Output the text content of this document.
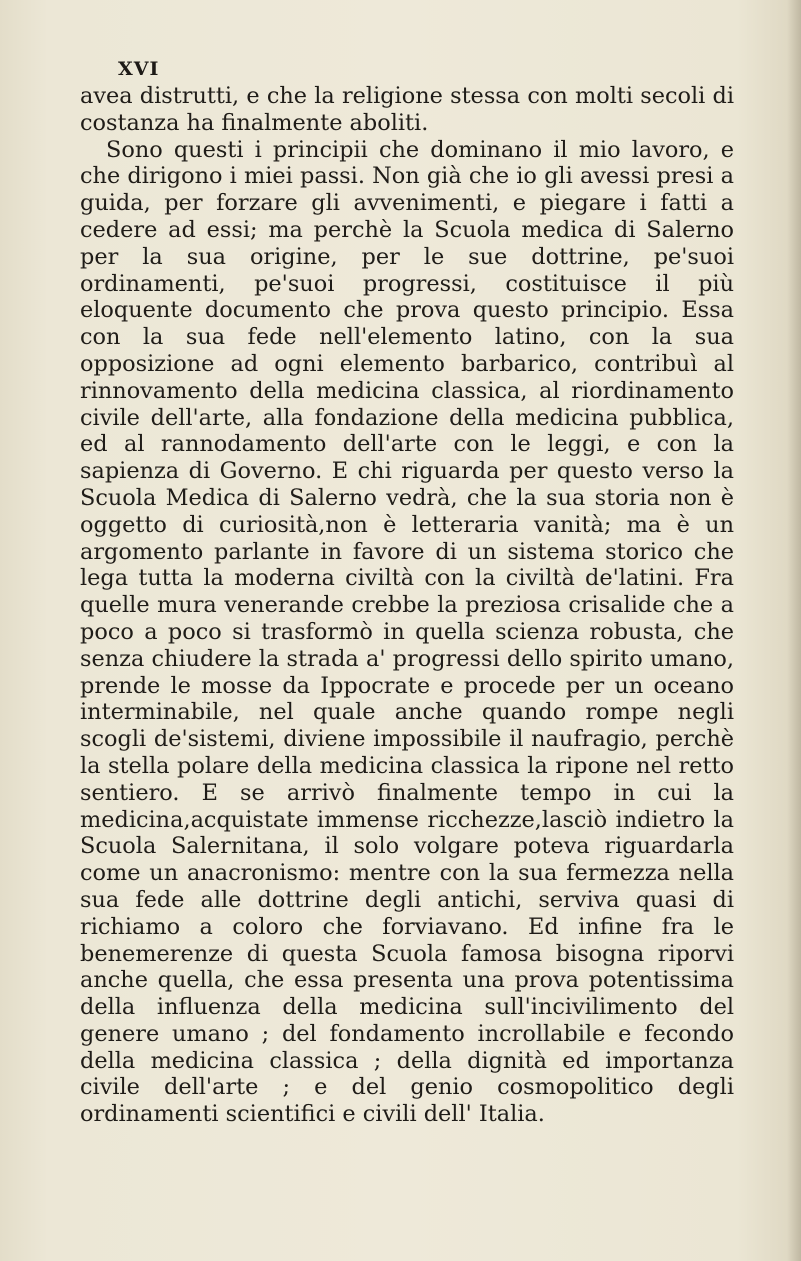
XVI

avea distrutti, e che la religione stessa con molti secoli di costanza ha finalmente aboliti.

Sono questi i principii che dominano il mio lavoro, e che dirigono i miei passi. Non già che io gli avessi presi a guida, per forzare gli avvenimenti, e piegare i fatti a cedere ad essi; ma perchè la Scuola medica di Salerno per la sua origine, per le sue dottrine, pe'suoi ordinamenti, pe'suoi progressi, costituisce il più eloquente documento che prova questo principio. Essa con la sua fede nell'elemento latino, con la sua opposizione ad ogni elemento barbarico, contribuì al rinnovamento della medicina classica, al riordinamento civile dell'arte, alla fondazione della medicina pubblica, ed al rannodamento dell'arte con le leggi, e con la sapienza di Governo. E chi riguarda per questo verso la Scuola Medica di Salerno vedrà, che la sua storia non è oggetto di curiosità,non è letteraria vanità; ma è un argomento parlante in favore di un sistema storico che lega tutta la moderna civiltà con la civiltà de'latini. Fra quelle mura venerande crebbe la preziosa crisalide che a poco a poco si trasformò in quella scienza robusta, che senza chiudere la strada a' progressi dello spirito umano, prende le mosse da Ippocrate e procede per un oceano interminabile, nel quale anche quando rompe negli scogli de'sistemi, diviene impossibile il naufragio, perchè la stella polare della medicina classica la ripone nel retto sentiero. E se arrivò finalmente tempo in cui la medicina,acquistate immense ricchezze,lasciò indietro la Scuola Salernitana, il solo volgare poteva riguardarla come un anacronismo: mentre con la sua fermezza nella sua fede alle dottrine degli antichi, serviva quasi di richiamo a coloro che forviavano. Ed infine fra le benemerenze di questa Scuola famosa bisogna riporvi anche quella, che essa presenta una prova potentissima della influenza della medicina sull'incivilimento del genere umano ; del fondamento incrollabile e fecondo della medicina classica ; della dignità ed importanza civile dell'arte ; e del genio cosmopolitico degli ordinamenti scientifici e civili dell' Italia.
